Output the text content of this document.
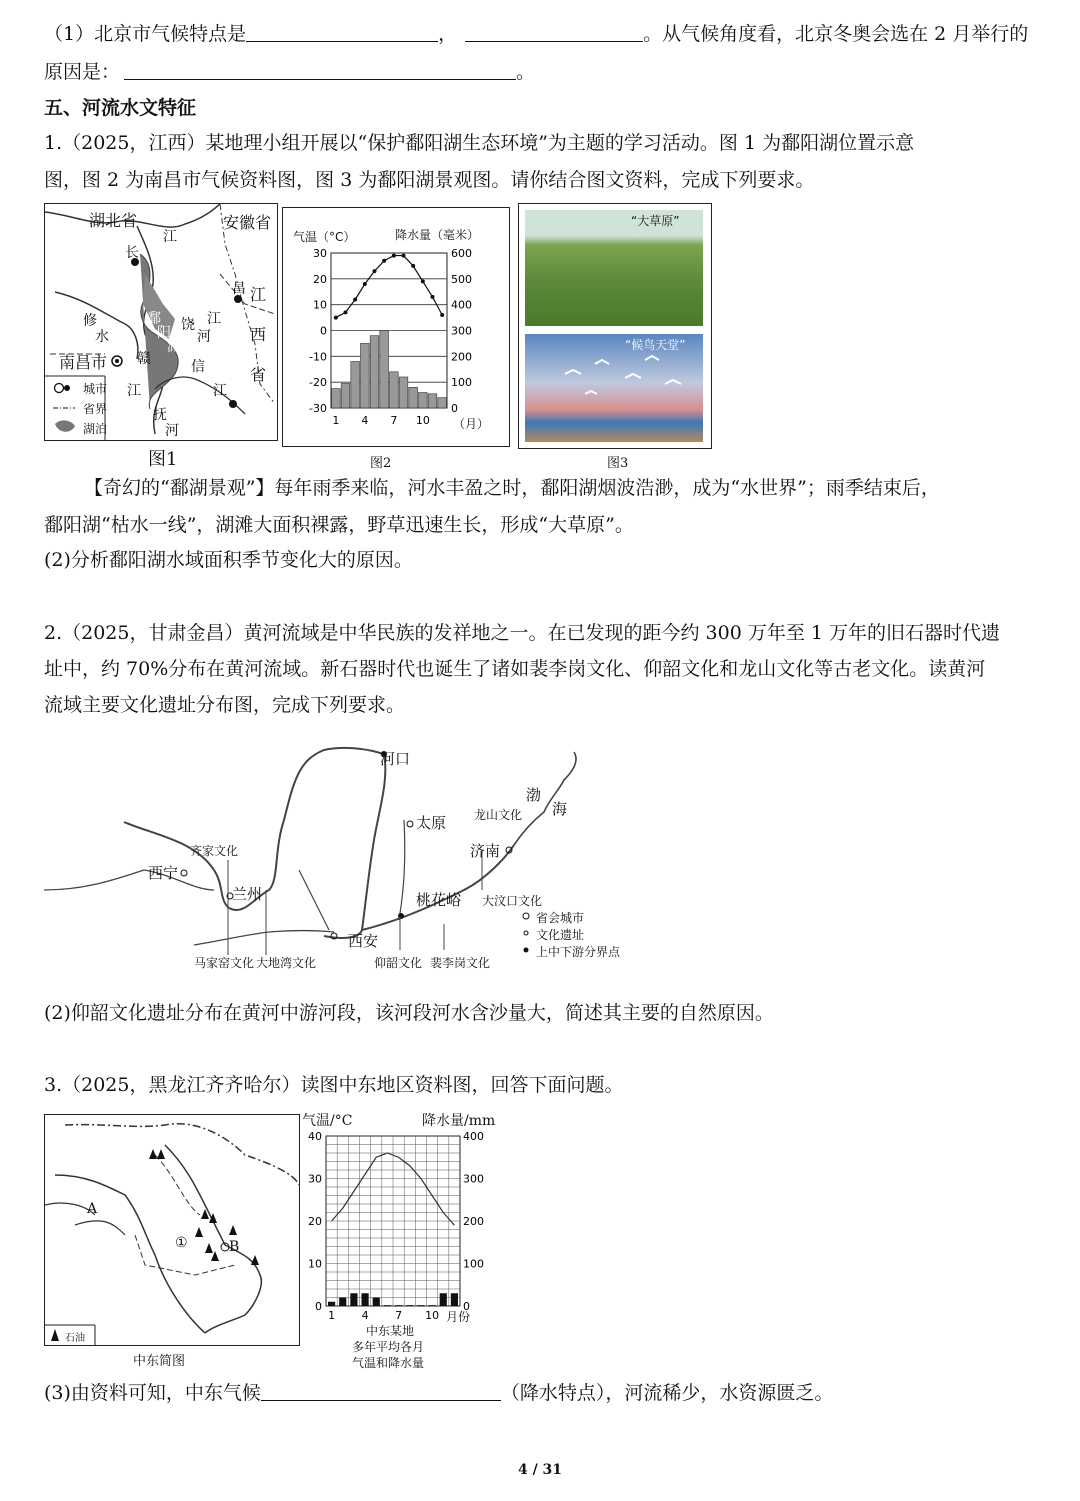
（1）北京市气候特点是	，	。从气候角度看，北京冬奥会选在 2 月举行的
原因是：	。
五、河流水文特征
1.（2025，江西）某地理小组开展以“保护鄱阳湖生态环境”为主题的学习活动。图 1 为鄱阳湖位置示意
图，图 2 为南昌市气候资料图，图 3 为鄱阳湖景观图。请你结合图文资料，完成下列要求。
湖北省	安徽省
江
长
昌 江
西
省
修
水
南昌市 赣
江
抚
河
鄱
阳
湖
饶
河
信
江
江
城市
省界
湖泊
图1
30
20
10
0
-10
-20
-30
600
500
400
300
200
100
0
1 4 7 10
气温（°C）	降水量（毫米）
（月）
图2
“大草原”
“候鸟天堂”
图3
【奇幻的“鄱湖景观”】每年雨季来临，河水丰盈之时，鄱阳湖烟波浩渺，成为“水世界”；雨季结束后，
鄱阳湖“枯水一线”，湖滩大面积裸露，野草迅速生长，形成“大草原”。
(2)分析鄱阳湖水域面积季节变化大的原因。
2.（2025，甘肃金昌）黄河流域是中华民族的发祥地之一。在已发现的距今约 300 万年至 1 万年的旧石器时代遗
址中，约 70%分布在黄河流域。新石器时代也诞生了诸如裴李岗文化、仰韶文化和龙山文化等古老文化。读黄河
流域主要文化遗址分布图，完成下列要求。
河口
太原
济南
渤
海
龙山文化
齐家文化
西宁
兰州	桃花峪 大汶口文化
西安
马家窑文化 大地湾文化	仰韶文化 裴李岗文化
省会城市
文化遗址
上中下游分界点
(2)仰韶文化遗址分布在黄河中游河段，该河段河水含沙量大，简述其主要的自然原因。
3.（2025，黑龙江齐齐哈尔）读图中东地区资料图，回答下面问题。
A
B
①
石油
中东简图
40
30
20
10
0
400
300
200
100
0
1 4 7 10
气温/°C	降水量/mm
月份
中东某地
多年平均各月
气温和降水量
(3)由资料可知，中东气候	（降水特点），河流稀少，水资源匮乏。
4 / 31
